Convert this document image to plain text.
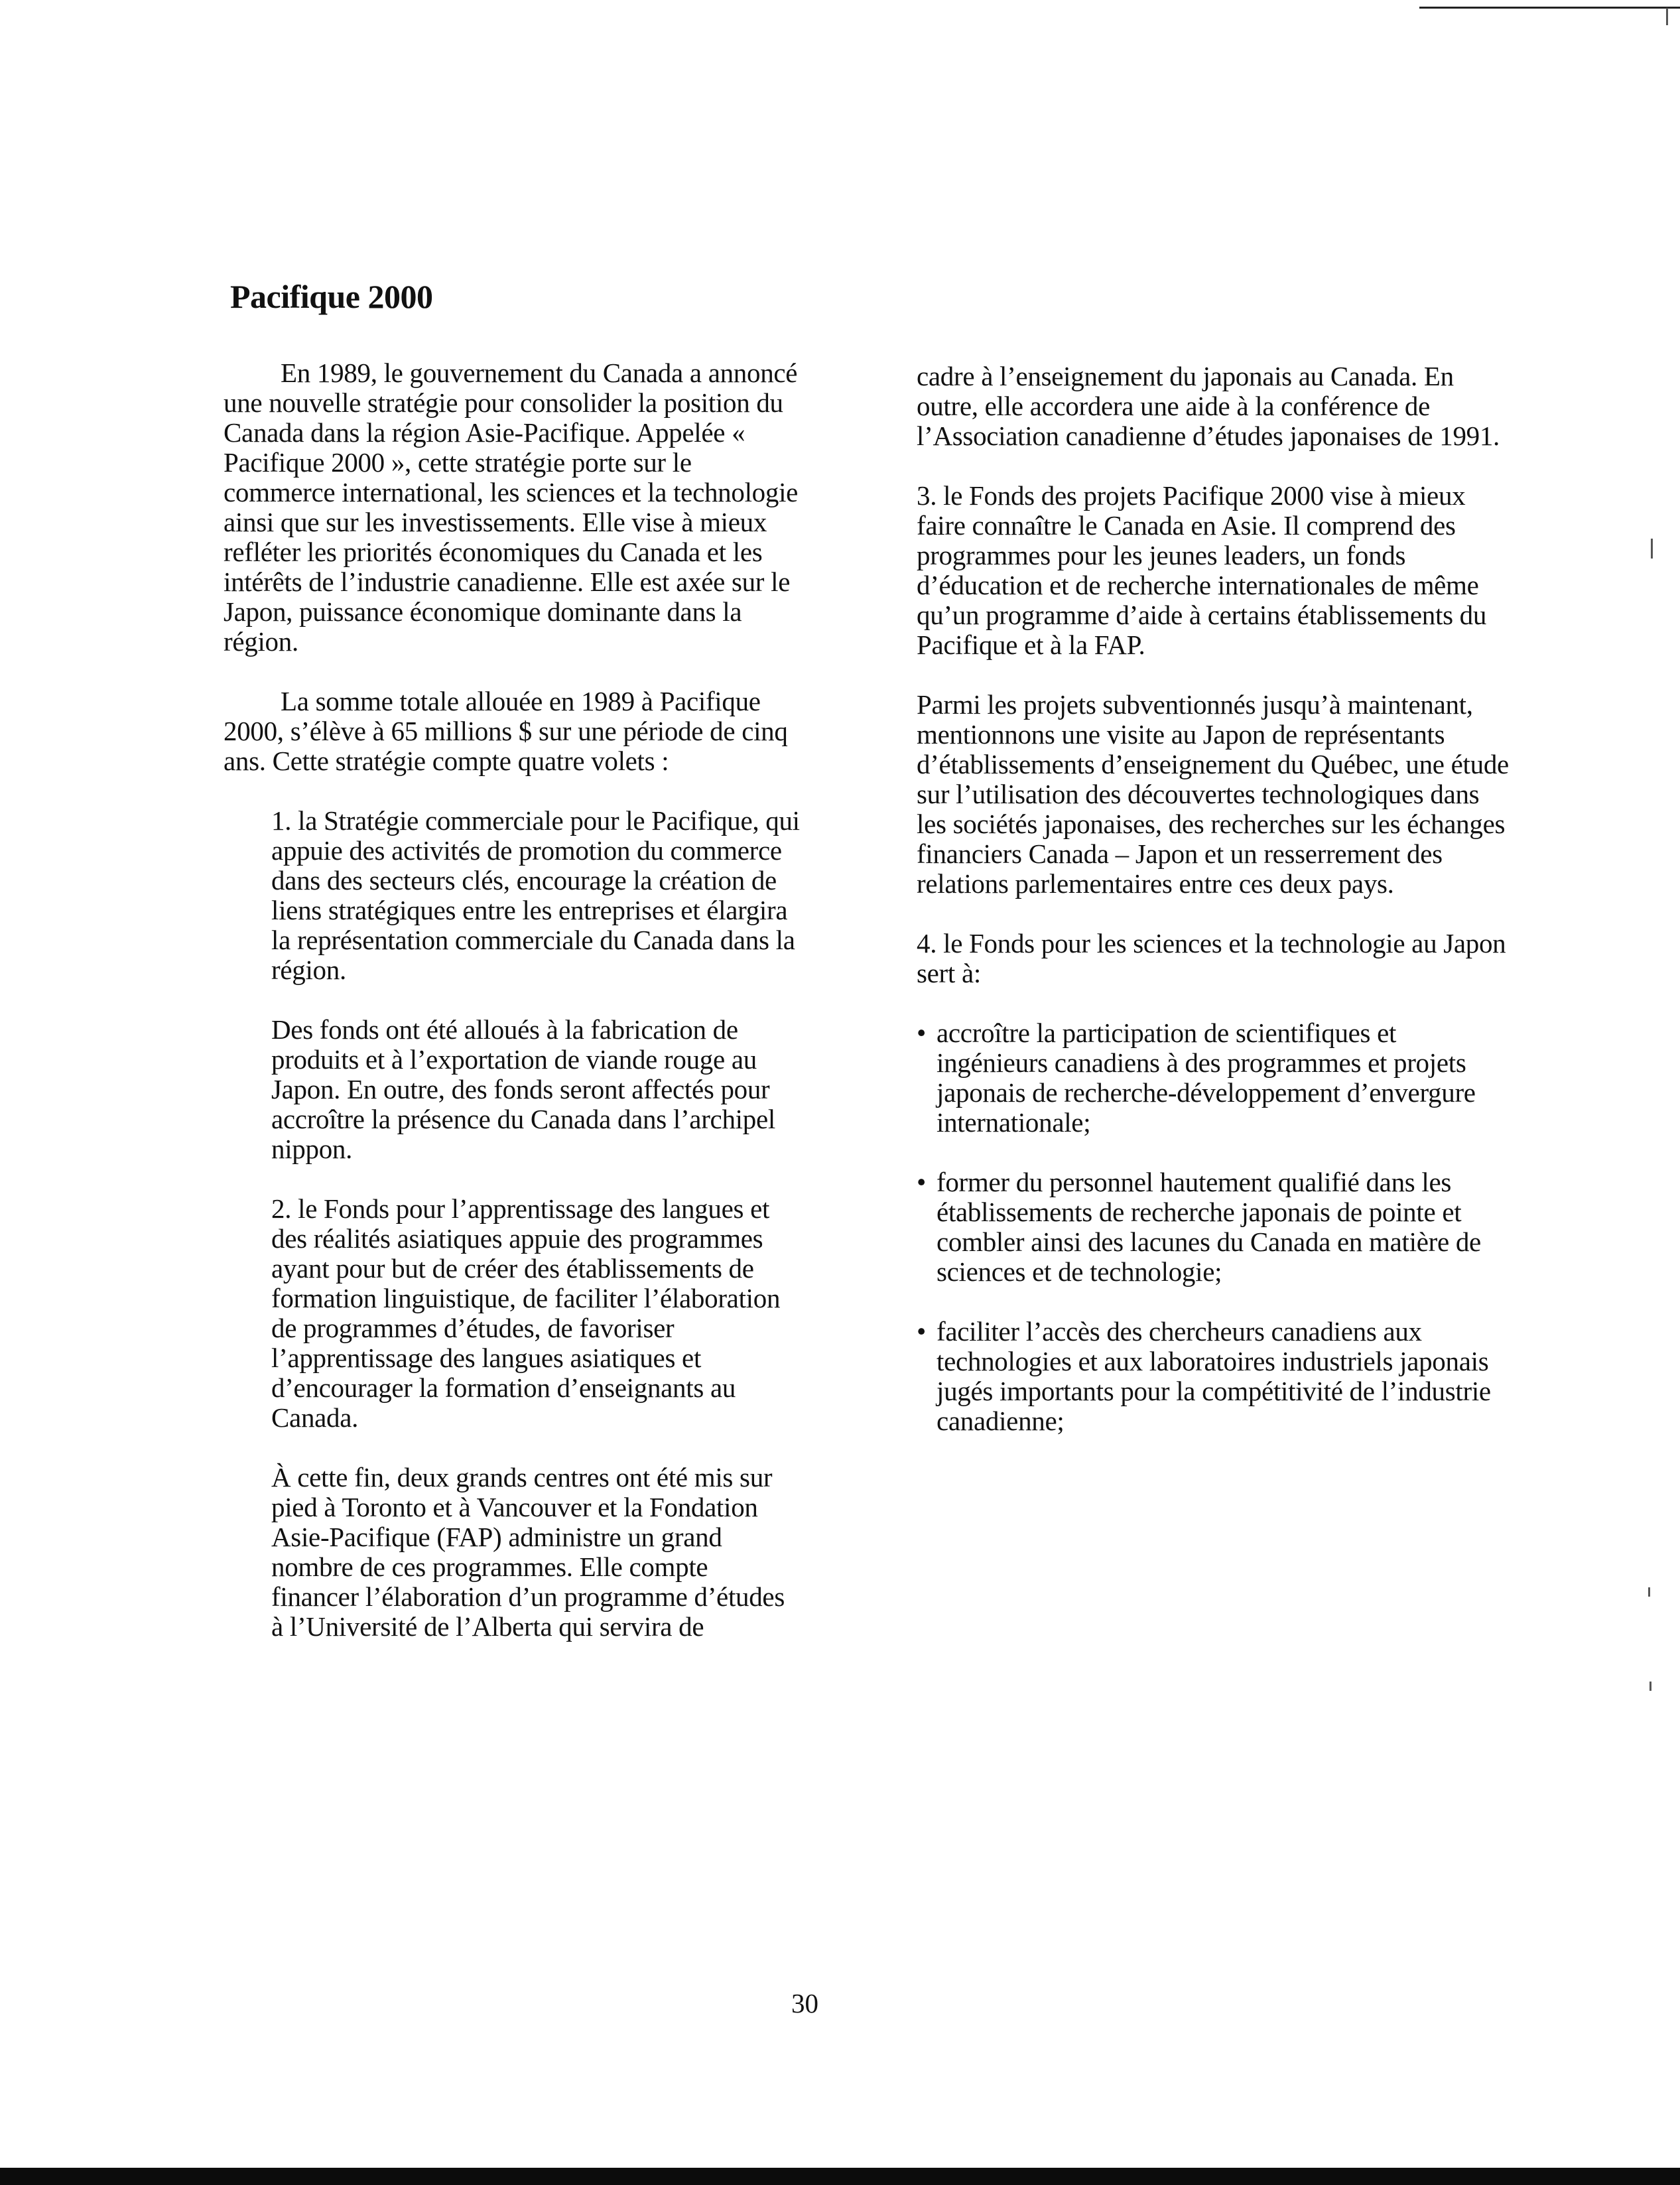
Pacifique 2000

En 1989, le gouvernement du Canada a annoncé une nouvelle stratégie pour consolider la position du Canada dans la région Asie-Pacifique. Appelée « Pacifique 2000 », cette stratégie porte sur le commerce international, les sciences et la technologie ainsi que sur les investissements. Elle vise à mieux refléter les priorités économiques du Canada et les intérêts de l’industrie canadienne. Elle est axée sur le Japon, puissance économique dominante dans la région.

La somme totale allouée en 1989 à Pacifique 2000, s’élève à 65 millions $ sur une période de cinq ans. Cette stratégie compte quatre volets :

1. la Stratégie commerciale pour le Pacifique, qui appuie des activités de promotion du commerce dans des secteurs clés, encourage la création de liens stratégiques entre les entreprises et élargira la représentation commerciale du Canada dans la région.

Des fonds ont été alloués à la fabrication de produits et à l’exportation de viande rouge au Japon. En outre, des fonds seront affectés pour accroître la présence du Canada dans l’archipel nippon.

2. le Fonds pour l’apprentissage des langues et des réalités asiatiques appuie des programmes ayant pour but de créer des établissements de formation linguistique, de faciliter l’élaboration de programmes d’études, de favoriser l’apprentissage des langues asiatiques et d’encourager la formation d’enseignants au Canada.

À cette fin, deux grands centres ont été mis sur pied à Toronto et à Vancouver et la Fondation Asie-Pacifique (FAP) administre un grand nombre de ces programmes. Elle compte financer l’élaboration d’un programme d’études à l’Université de l’Alberta qui servira de

cadre à l’enseignement du japonais au Canada. En outre, elle accordera une aide à la conférence de l’Association canadienne d’études japonaises de 1991.

3. le Fonds des projets Pacifique 2000 vise à mieux faire connaître le Canada en Asie. Il comprend des programmes pour les jeunes leaders, un fonds d’éducation et de recherche internationales de même qu’un programme d’aide à certains établissements du Pacifique et à la FAP.

Parmi les projets subventionnés jusqu’à maintenant, mentionnons une visite au Japon de représentants d’établissements d’enseignement du Québec, une étude sur l’utilisation des découvertes technologiques dans les sociétés japonaises, des recherches sur les échanges financiers Canada – Japon et un resserrement des relations parlementaires entre ces deux pays.

4. le Fonds pour les sciences et la technologie au Japon sert à:

• accroître la participation de scientifiques et ingénieurs canadiens à des programmes et projets japonais de recherche-développement d’envergure internationale;
• former du personnel hautement qualifié dans les établissements de recherche japonais de pointe et combler ainsi des lacunes du Canada en matière de sciences et de technologie;
• faciliter l’accès des chercheurs canadiens aux technologies et aux laboratoires industriels japonais jugés importants pour la compétitivité de l’industrie canadienne;
30
